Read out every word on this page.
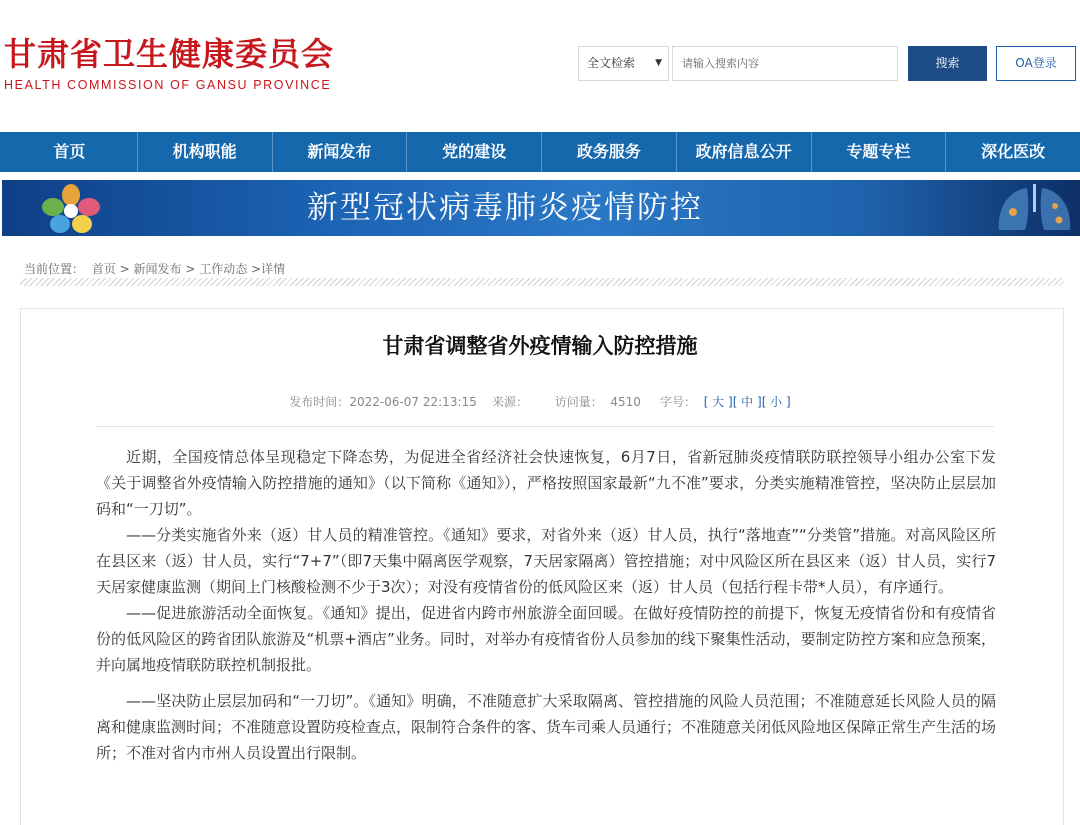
甘肃省卫生健康委员会
HEALTH COMMISSION OF GANSU PROVINCE
全文检索 ▼
请输入搜索内容	搜索	OA登录
首页	机构职能	新闻发布	党的建设	政务服务	政府信息公开	专题专栏	深化医改
新型冠状病毒肺炎疫情防控
当前位置： 首页 > 新闻发布 > 工作动态 >详情
甘肃省调整省外疫情输入防控措施
发布时间：2022-06-07 22:13:15 来源： 访问量： 4510 字号： [ 大 ][ 中 ][ 小 ]

近期，全国疫情总体呈现稳定下降态势，为促进全省经济社会快速恢复，6月7日，省新冠肺炎疫情联防联控领导小组办公室下发《关于调整省外疫情输入防控措施的通知》（以下简称《通知》），严格按照国家最新“九不准”要求，分类实施精准管控，坚决防止层层加码和“一刀切”。

——分类实施省外来（返）甘人员的精准管控。《通知》要求，对省外来（返）甘人员，执行“落地查”“分类管”措施。对高风险区所在县区来（返）甘人员，实行“7+7”（即7天集中隔离医学观察，7天居家隔离）管控措施；对中风险区所在县区来（返）甘人员，实行7天居家健康监测（期间上门核酸检测不少于3次）；对没有疫情省份的低风险区来（返）甘人员（包括行程卡带*人员），有序通行。

——促进旅游活动全面恢复。《通知》提出，促进省内跨市州旅游全面回暖。在做好疫情防控的前提下，恢复无疫情省份和有疫情省份的低风险区的跨省团队旅游及“机票+酒店”业务。同时，对举办有疫情省份人员参加的线下聚集性活动，要制定防控方案和应急预案，并向属地疫情联防联控机制报批。

——坚决防止层层加码和“一刀切”。《通知》明确，不准随意扩大采取隔离、管控措施的风险人员范围；不准随意延长风险人员的隔离和健康监测时间；不准随意设置防疫检查点，限制符合条件的客、货车司乘人员通行；不准随意关闭低风险地区保障正常生产生活的场所；不准对省内市州人员设置出行限制。
